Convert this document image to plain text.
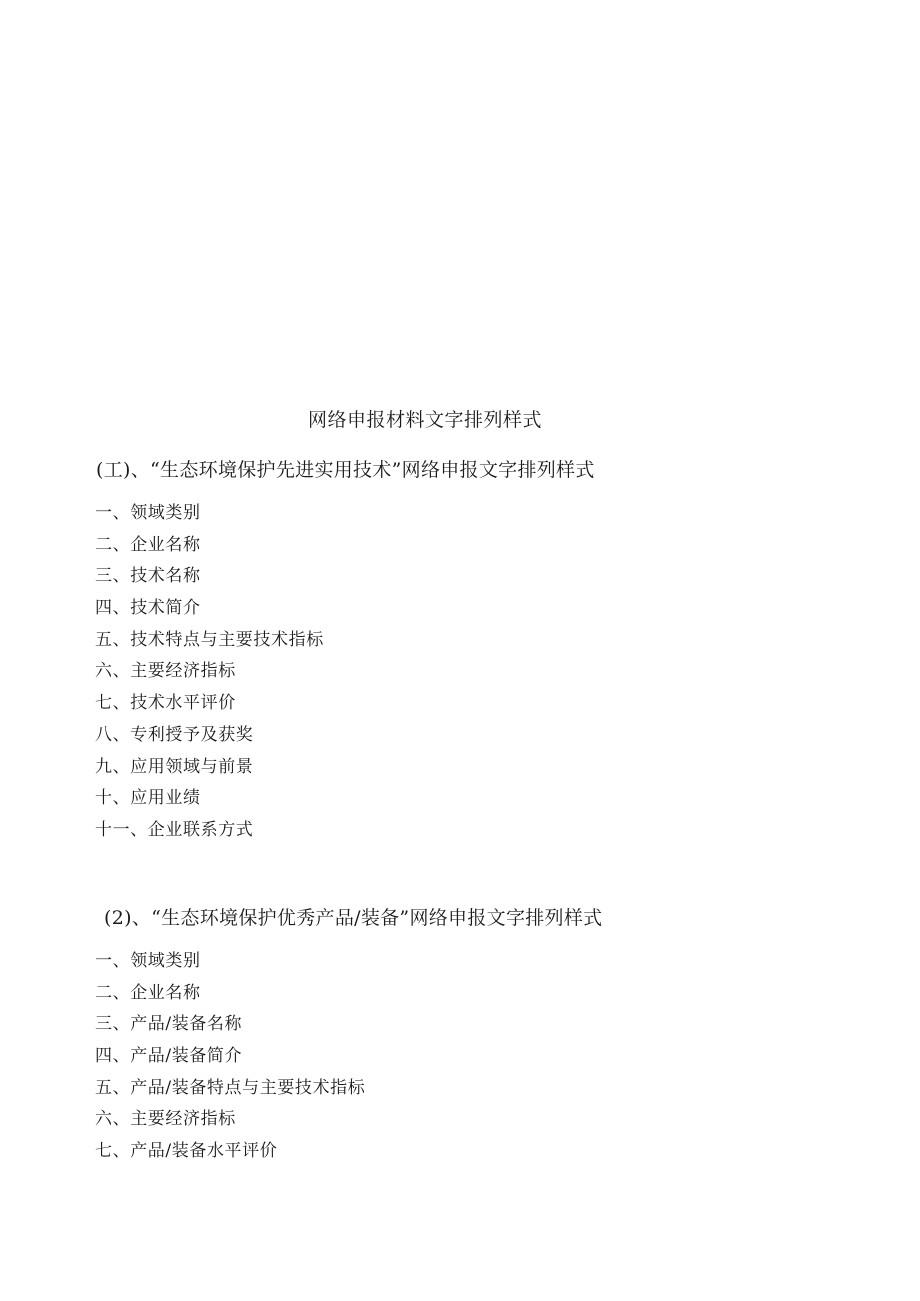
网络申报材料文字排列样式
(工)、“生态环境保护先进实用技术”网络申报文字排列样式
一、领域类别
二、企业名称
三、技术名称
四、技术简介
五、技术特点与主要技术指标
六、主要经济指标
七、技术水平评价
八、专利授予及获奖
九、应用领域与前景
十、应用业绩
十一、企业联系方式
(2)、“生态环境保护优秀产品/装备”网络申报文字排列样式
一、领域类别
二、企业名称
三、产品/装备名称
四、产品/装备简介
五、产品/装备特点与主要技术指标
六、主要经济指标
七、产品/装备水平评价
